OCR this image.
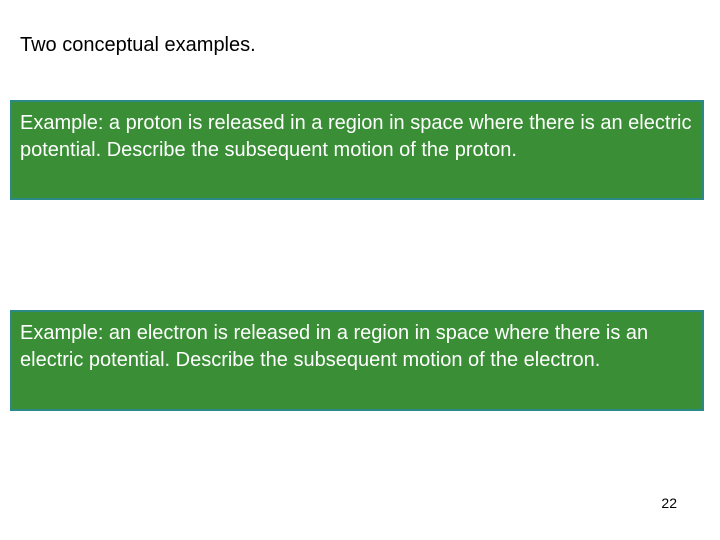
Two conceptual examples.
Example: a proton is released in a region in space where there is an electric potential. Describe the subsequent motion of the proton.
Example: an electron is released in a region in space where there is an electric potential. Describe the subsequent motion of the electron.
22
